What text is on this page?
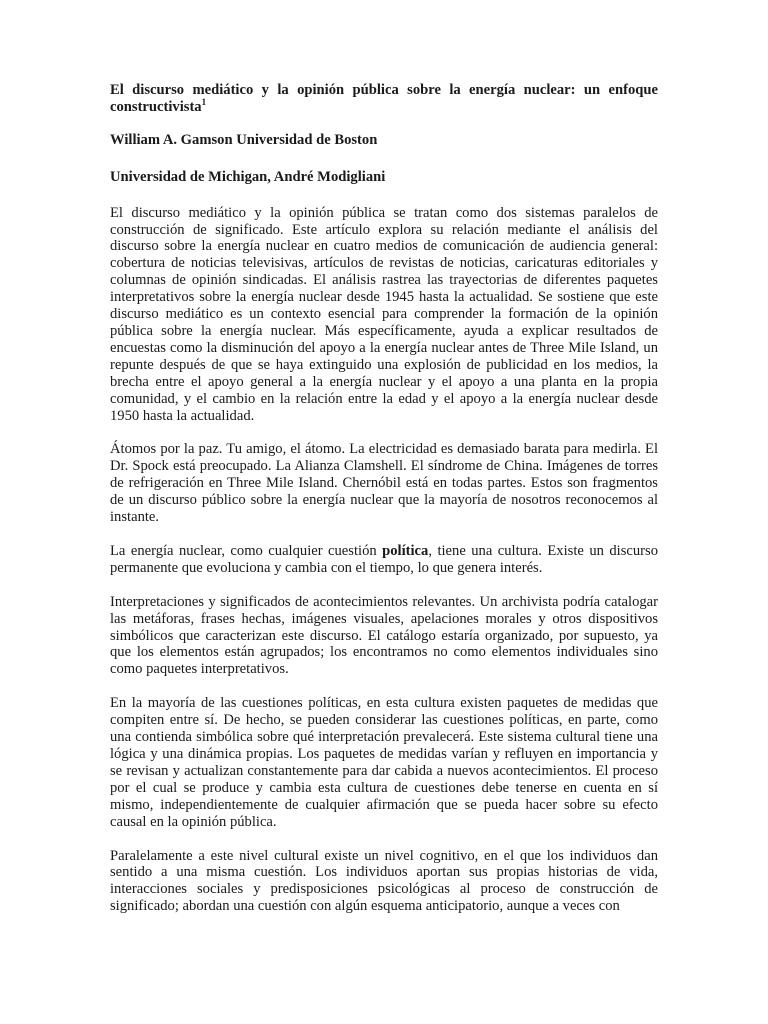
El discurso mediático y la opinión pública sobre la energía nuclear: un enfoque constructivista$^1$
William A. Gamson Universidad de Boston
Universidad de Michigan, André Modigliani

El discurso mediático y la opinión pública se tratan como dos sistemas paralelos de construcción de significado. Este artículo explora su relación mediante el análisis del discurso sobre la energía nuclear en cuatro medios de comunicación de audiencia general: cobertura de noticias televisivas, artículos de revistas de noticias, caricaturas editoriales y columnas de opinión sindicadas. El análisis rastrea las trayectorias de diferentes paquetes interpretativos sobre la energía nuclear desde 1945 hasta la actualidad. Se sostiene que este discurso mediático es un contexto esencial para comprender la formación de la opinión pública sobre la energía nuclear. Más específicamente, ayuda a explicar resultados de encuestas como la disminución del apoyo a la energía nuclear antes de Three Mile Island, un repunte después de que se haya extinguido una explosión de publicidad en los medios, la brecha entre el apoyo general a la energía nuclear y el apoyo a una planta en la propia comunidad, y el cambio en la relación entre la edad y el apoyo a la energía nuclear desde 1950 hasta la actualidad.

Átomos por la paz. Tu amigo, el átomo. La electricidad es demasiado barata para medirla. El Dr. Spock está preocupado. La Alianza Clamshell. El síndrome de China. Imágenes de torres de refrigeración en Three Mile Island. Chernóbil está en todas partes. Estos son fragmentos de un discurso público sobre la energía nuclear que la mayoría de nosotros reconocemos al instante.

La energía nuclear, como cualquier cuestión política, tiene una cultura. Existe un discurso permanente que evoluciona y cambia con el tiempo, lo que genera interés.

Interpretaciones y significados de acontecimientos relevantes. Un archivista podría catalogar las metáforas, frases hechas, imágenes visuales, apelaciones morales y otros dispositivos simbólicos que caracterizan este discurso. El catálogo estaría organizado, por supuesto, ya que los elementos están agrupados; los encontramos no como elementos individuales sino como paquetes interpretativos.

En la mayoría de las cuestiones políticas, en esta cultura existen paquetes de medidas que compiten entre sí. De hecho, se pueden considerar las cuestiones políticas, en parte, como una contienda simbólica sobre qué interpretación prevalecerá. Este sistema cultural tiene una lógica y una dinámica propias. Los paquetes de medidas varían y refluyen en importancia y se revisan y actualizan constantemente para dar cabida a nuevos acontecimientos. El proceso por el cual se produce y cambia esta cultura de cuestiones debe tenerse en cuenta en sí mismo, independientemente de cualquier afirmación que se pueda hacer sobre su efecto causal en la opinión pública.

Paralelamente a este nivel cultural existe un nivel cognitivo, en el que los individuos dan sentido a una misma cuestión. Los individuos aportan sus propias historias de vida, interacciones sociales y predisposiciones psicológicas al proceso de construcción de significado; abordan una cuestión con algún esquema anticipatorio, aunque a veces con
